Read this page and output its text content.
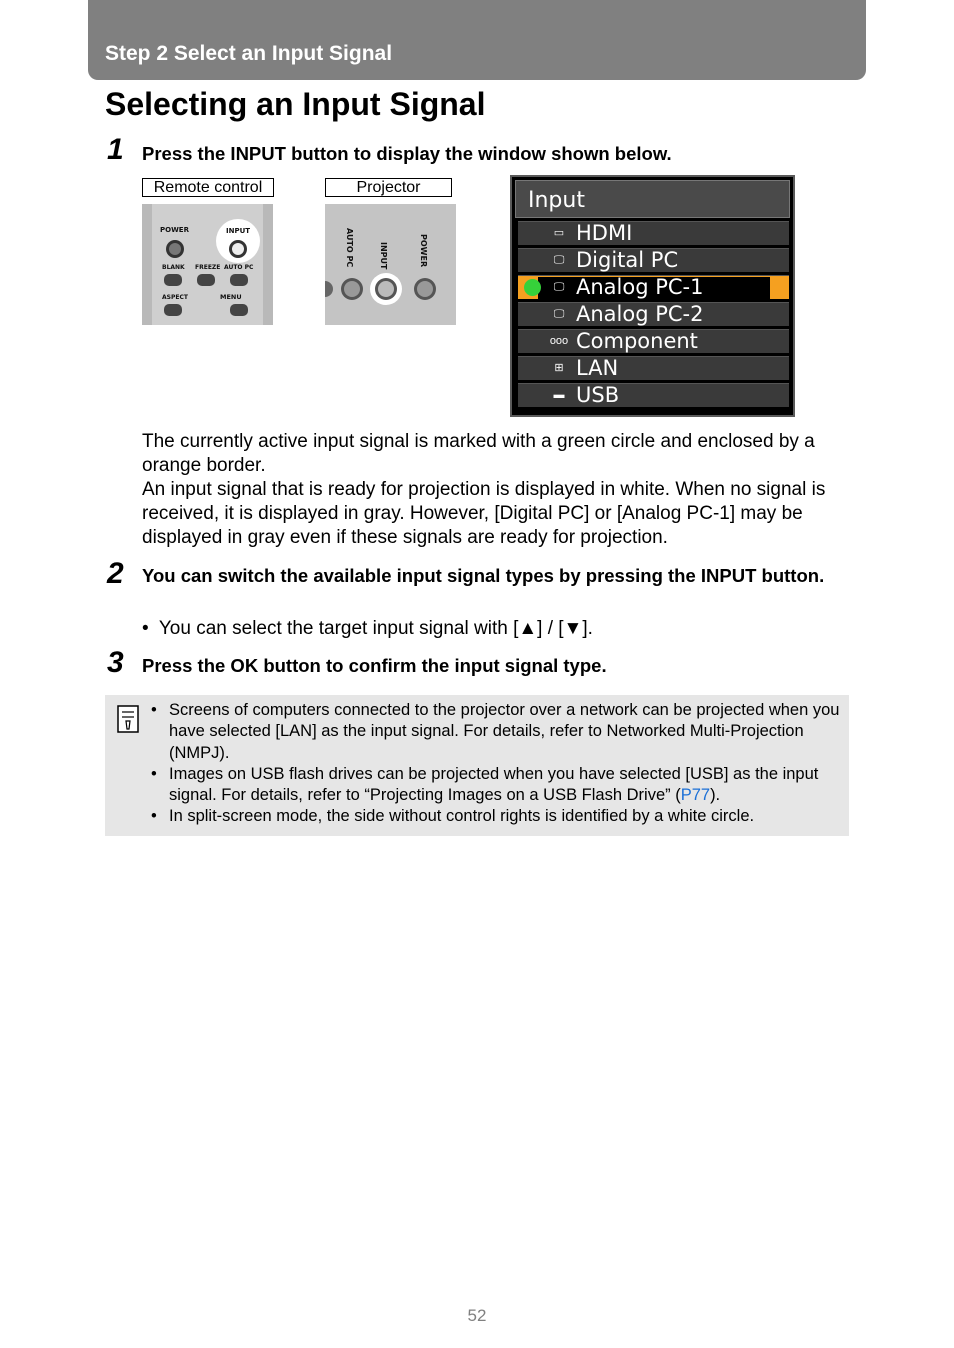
Step 2 Select an Input Signal
Selecting an Input Signal
1 Press the INPUT button to display the window shown below.
Remote control	Projector
POWER	INPUT
BLANK FREEZE AUTO PC
ASPECT	MENU
AUTO PC	INPUT	POWER
Input
▭ HDMI
🖵 Digital PC
🖵 Analog PC-1
🖵 Analog PC-2
ooo Component
⊞ LAN
▬ USB

The currently active input signal is marked with a green circle and enclosed by a orange border.

An input signal that is ready for projection is displayed in white. When no signal is received, it is displayed in gray. However, [Digital PC] or [Analog PC-1] may be displayed in gray even if these signals are ready for projection.

2 You can switch the available input signal types by pressing the INPUT button.
•  You can select the target input signal with [▲] / [▼].
3 Press the OK button to confirm the input signal type.
• Screens of computers connected to the projector over a network can be projected when you have selected [LAN] as the input signal. For details, refer to Networked Multi-Projection (NMPJ).
• Images on USB flash drives can be projected when you have selected [USB] as the input signal. For details, refer to “Projecting Images on a USB Flash Drive” (P77).
• In split-screen mode, the side without control rights is identified by a white circle.
52
